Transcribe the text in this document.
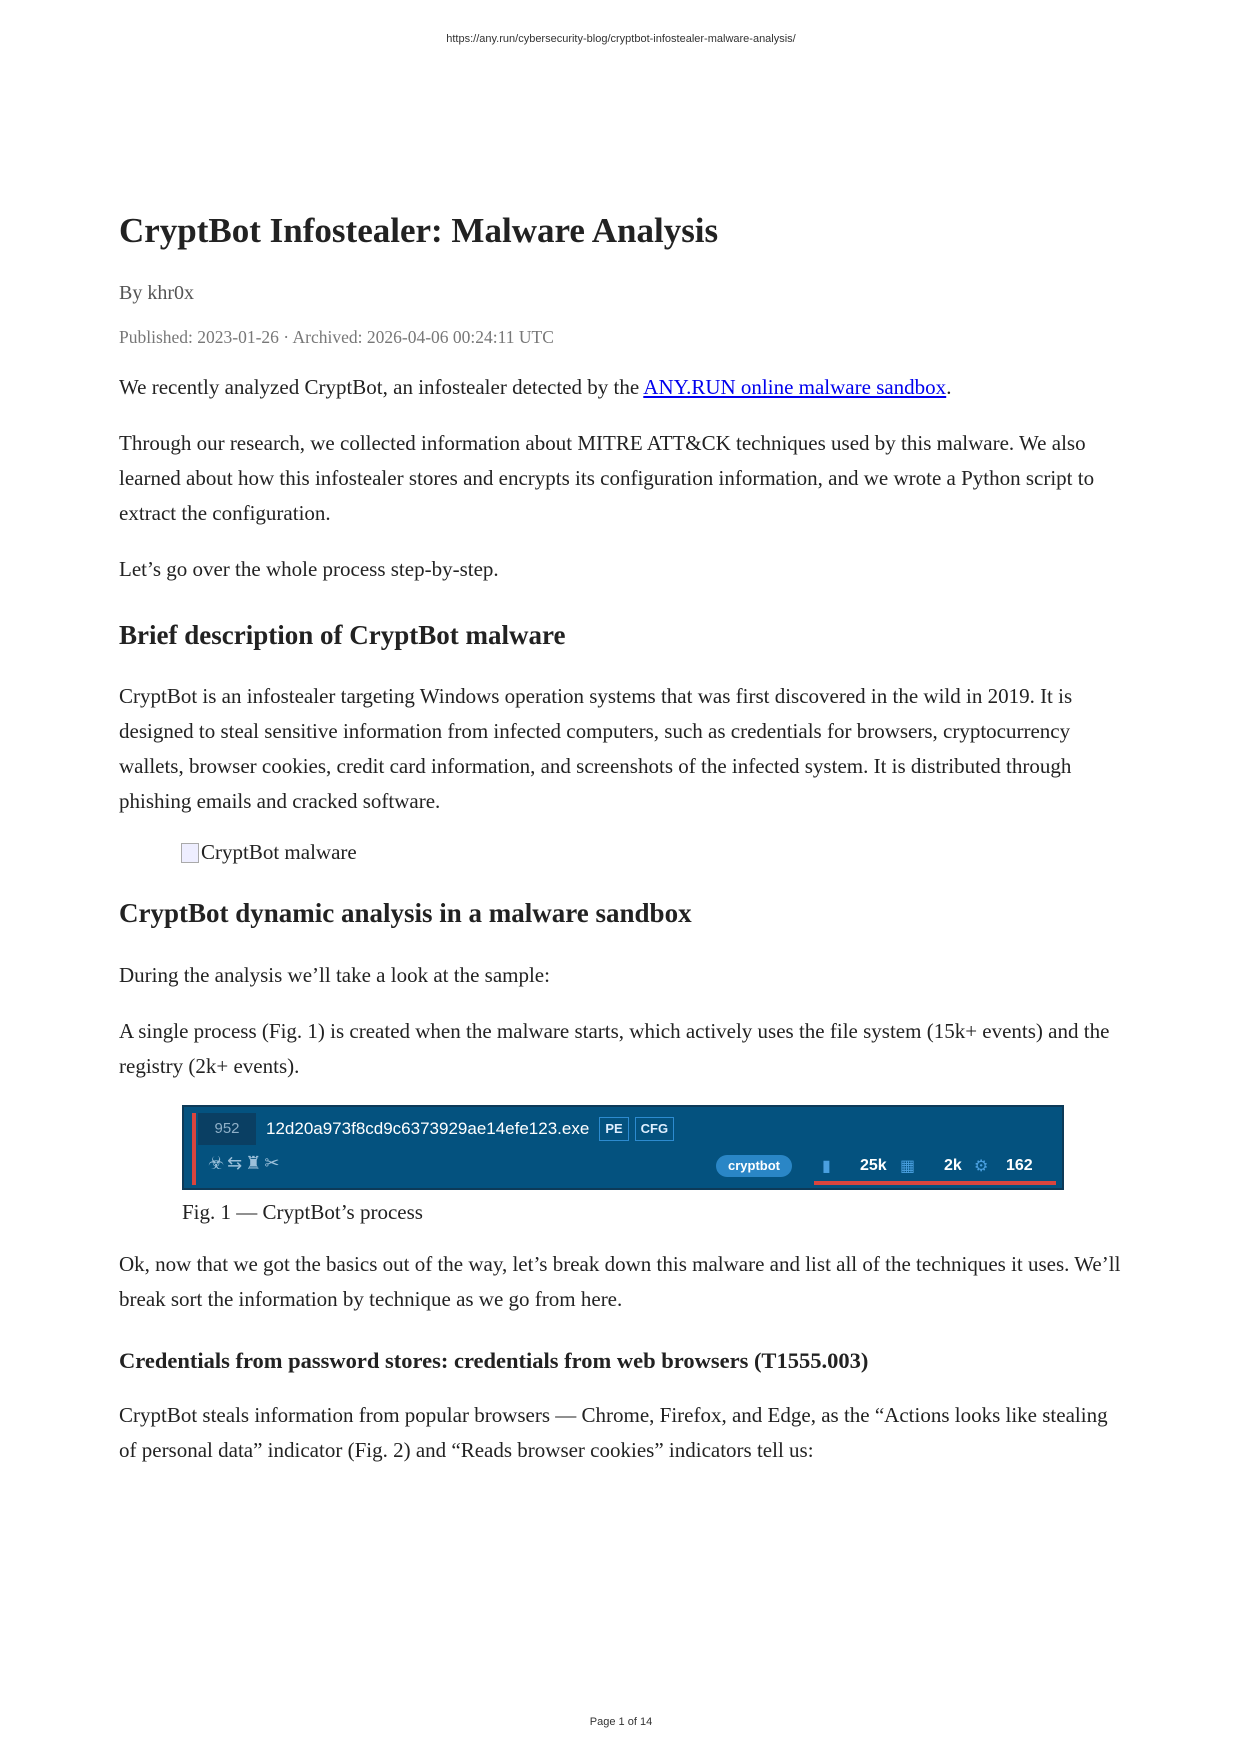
https://any.run/cybersecurity-blog/cryptbot-infostealer-malware-analysis/
CryptBot Infostealer: Malware Analysis
By khr0x
Published: 2023-01-26 · Archived: 2026-04-06 00:24:11 UTC

We recently analyzed CryptBot, an infostealer detected by the ANY.RUN online malware sandbox.

Through our research, we collected information about MITRE ATT&CK techniques used by this malware. We also learned about how this infostealer stores and encrypts its configuration information, and we wrote a Python script to extract the configuration.

Let’s go over the whole process step-by-step.

Brief description of CryptBot malware

CryptBot is an infostealer targeting Windows operation systems that was first discovered in the wild in 2019. It is designed to steal sensitive information from infected computers, such as credentials for browsers, cryptocurrency wallets, browser cookies, credit card information, and screenshots of the infected system. It is distributed through phishing emails and cracked software.

CryptBot malware
CryptBot dynamic analysis in a malware sandbox

During the analysis we’ll take a look at the sample:

A single process (Fig. 1) is created when the malware starts, which actively uses the file system (15k+ events) and the registry (2k+ events).

952	12d20a973f8cd9c6373929ae14efe123.exe	PE	CFG
☣⇆♜✂	cryptbot	▮ 25k ▦ 2k ⚙ 162
Fig. 1 — CryptBot’s process

Ok, now that we got the basics out of the way, let’s break down this malware and list all of the techniques it uses. We’ll break sort the information by technique as we go from here.

Credentials from password stores: credentials from web browsers (T1555.003)

CryptBot steals information from popular browsers — Chrome, Firefox, and Edge, as the “Actions looks like stealing of personal data” indicator (Fig. 2) and “Reads browser cookies” indicators tell us:

Page 1 of 14
